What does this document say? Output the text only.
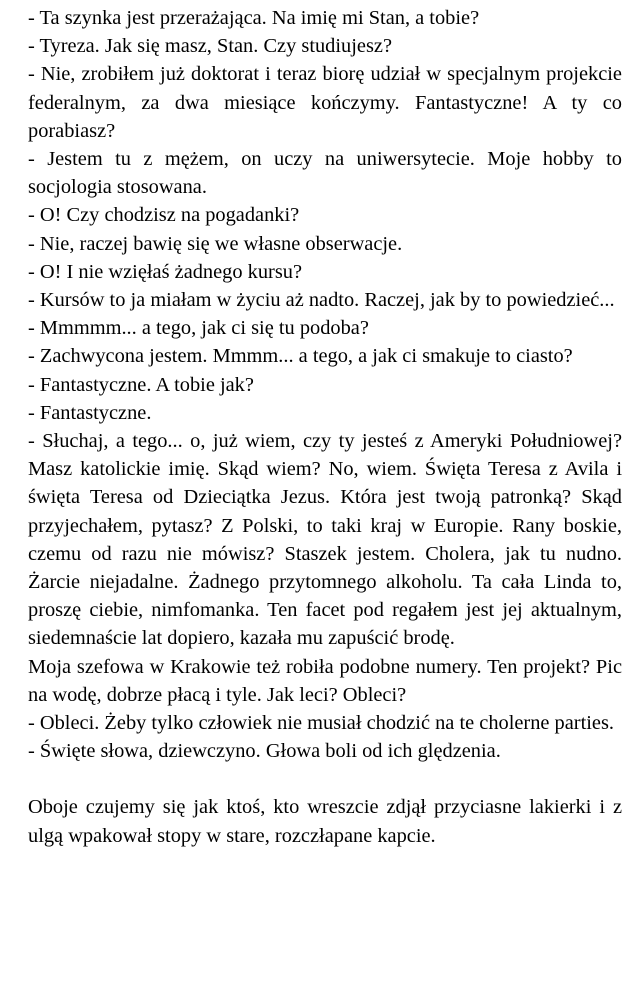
- Ta szynka jest przerażająca. Na imię mi Stan, a tobie?

- Tyreza. Jak się masz, Stan. Czy studiujesz?

- Nie, zrobiłem już doktorat i teraz biorę udział w specjalnym projekcie federalnym, za dwa miesiące kończymy. Fantastyczne! A ty co porabiasz?

- Jestem tu z mężem, on uczy na uniwersytecie. Moje hobby to socjologia stosowana.

- O! Czy chodzisz na pogadanki?

- Nie, raczej bawię się we własne obserwacje.

- O! I nie wzięłaś żadnego kursu?

- Kursów to ja miałam w życiu aż nadto. Raczej, jak by to powiedzieć...

- Mmmmm... a tego, jak ci się tu podoba?

- Zachwycona jestem. Mmmm... a tego, a jak ci smakuje to ciasto?

- Fantastyczne. A tobie jak?

- Fantastyczne.

- Słuchaj, a tego... o, już wiem, czy ty jesteś z Ameryki Południowej? Masz katolickie imię. Skąd wiem? No, wiem. Święta Teresa z Avila i święta Teresa od Dzieciątka Jezus. Która jest twoją patronką? Skąd przyjechałem, pytasz? Z Polski, to taki kraj w Europie. Rany boskie, czemu od razu nie mówisz? Staszek jestem. Cholera, jak tu nudno. Żarcie niejadalne. Żadnego przytomnego alkoholu. Ta cała Linda to, proszę ciebie, nimfomanka. Ten facet pod regałem jest jej aktualnym, siedemnaście lat dopiero, kazała mu zapuścić brodę.

Moja szefowa w Krakowie też robiła podobne numery. Ten projekt? Pic na wodę, dobrze płacą i tyle. Jak leci? Obleci?

- Obleci. Żeby tylko człowiek nie musiał chodzić na te cholerne parties.

- Święte słowa, dziewczyno. Głowa boli od ich ględzenia.

Oboje czujemy się jak ktoś, kto wreszcie zdjął przyciasne lakierki i z ulgą wpakował stopy w stare, rozczłapane kapcie.
